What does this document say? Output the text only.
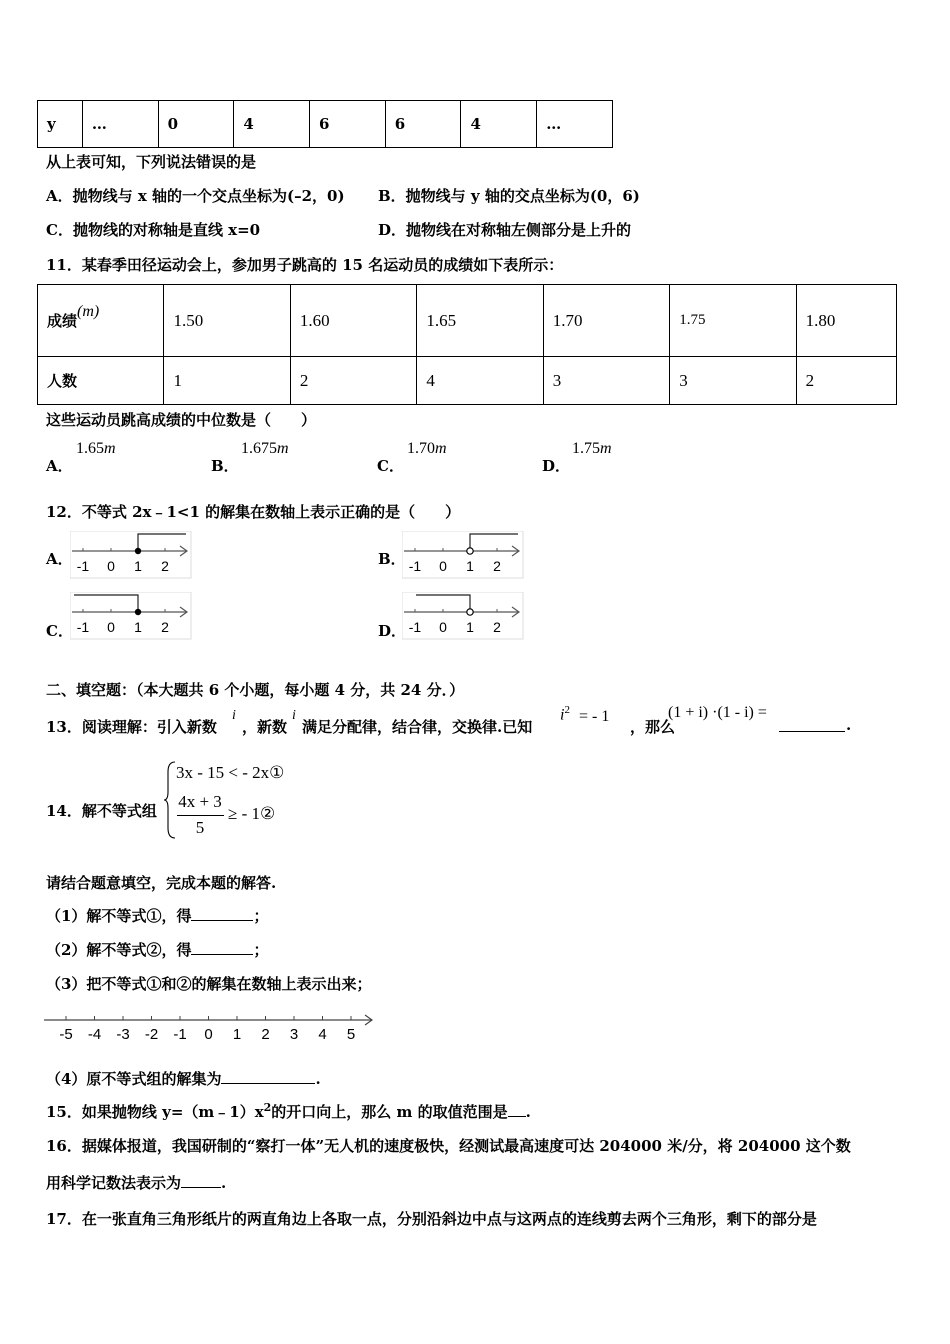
y	…	0	4	6	6	4	…
从上表可知，下列说法错误的是
A．抛物线与 x 轴的一个交点坐标为(–2，0) B．抛物线与 y 轴的交点坐标为(0，6)
C．抛物线的对称轴是直线 x=0	D．抛物线在对称轴左侧部分是上升的
11．某春季田径运动会上，参加男子跳高的 15 名运动员的成绩如下表所示：
成绩(m)	1.50	1.60	1.65	1.70	1.75	1.80
人数	1	2	4	3	3	2
这些运动员跳高成绩的中位数是（　　）
A．
1.65m
B．
1.675m
C．
1.70m
D．
1.75m
12．不等式 2x﹣1<1 的解集在数轴上表示正确的是（　　）
A． -1 0 1 2	B． -1 0 1 2
C． -1 0 1 2	D． -1 0 1 2
二、填空题：（本大题共 6 个小题，每小题 4 分，共 24 分．）
13．阅读理解：引入新数
i
，新数
i
满足分配律，结合律，交换律.已知
$i^2$ = - 1
，那么
(1 + i) ·(1 - i) =
.
14．解不等式组
3x - 15 < - 2x①
4x + 3
5
≥ - 1②
请结合题意填空，完成本题的解答.
（1）解不等式①，得	；
（2）解不等式②，得	；
（3）把不等式①和②的解集在数轴上表示出来；
-5 -4 -3 -2 -1 0 1 2 3 4 5
（4）原不等式组的解集为	.
15．如果抛物线 $y=(m﹣1)x^2$的开口向上，那么 m 的取值范围是 .
16．据媒体报道，我国研制的“察打一体”无人机的速度极快，经测试最高速度可达 204000 米/分，将 204000 这个数
用科学记数法表示为	.
17．在一张直角三角形纸片的两直角边上各取一点，分别沿斜边中点与这两点的连线剪去两个三角形，剩下的部分是
